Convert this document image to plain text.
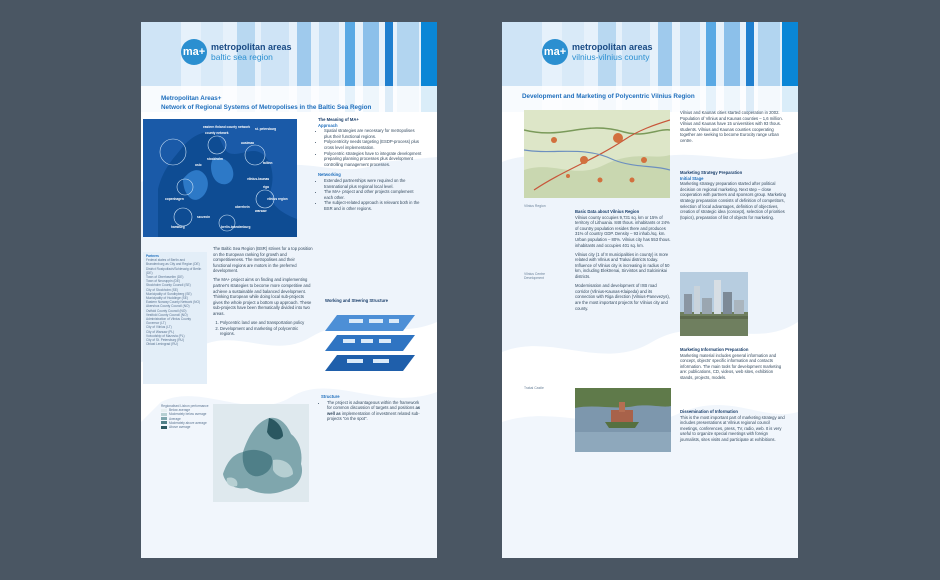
ma+ metropolitan areas
baltic sea region
Metropolitan Areas+
Network of Regional Systems of Metropolises in the Baltic Sea Region
eastern finland county network st. petersburg
county network
uusimaa
stockholm
oslo	tallinn
vilnius-kaunas
riga
warsaw
copenhagen
berlin-brandenburg
hamburg
vilnius region
oberrhein
szczecin
The Meaning of MA+
Approach
• Spatial strategies are necessary for metropolises plus their functional regions.
• Polycentricity needs targeting (ESDP-process) plus cross level implementation.
• Polycentric strategies have to integrate development preparing planning processes plus development controlling management processes.
Networking
• Extended partnerships were required on the transnational plus regional local level.
• The MA+ project and other projects complement each other.
• The subject-related approach is relevant both in the BSR and in other regions.
Partners
Federal states of Berlin and Brandenburg as City and Region (DE)
District Rostpolfach/Schleswig of Berlin (DE)
Town of Oberhavelim (DE)
Town of Neuruppin (DE)
Stockholm County Council (SE)
City of Stockholm (SE)
Municipality of Sundbyberg (SE)
Municipality of Huddinge (SE)
Eastern Norway County Network (NO)
Akershus County Council (NO)
Ostfold County Council (NO)
Vestfold County Council (NO)
Administration of Vilnius County Governor (LT)
City of Vilnius (LT)
City of Warsaw (PL)
Voivodship of Mazovia (PL)
City of St. Petersburg (RU)
Oblast Leningrad (RU)

The Baltic Sea Region (BSR) strives for a top position on the European ranking for growth and competitiveness. The metropolises and their functional regions are motors in the preferred development.

The MA+ project aims on finding and implementing partner's strategies to become more competitive and achieve a sustainable and balanced development. Thinking European while doing local sub-projects gives the whole project a bottom up approach. These sub-projects have been thematically divided into two areas.

1. Polycentric land use and transportation policy
2. Development and marketing of polycentric regions.
Working and Steering Structure
Structure
• The project is advantageous within the framework for common discussion of targets and positions as well as implementation of investment related sub-projects "on the spot".
Regionalised Lisbon performance
Below average
Moderately below average
Average
Moderately above average
Above average
ma+ metropolitan areas
vilnius-vilnius county
Development and Marketing of Polycentric Vilnius Region
Vilnius Region

Vilnius and Kaunas cities started cooperation in 2002. Population of Vilnius and Kaunas counties – 1,6 million. Vilnius and Kaunas have 15 universities with 93 thous. students. Vilnius and Kaunas counties cooperating together are seeking to become Eurocity range urban centre.

Marketing Strategy Preparation
Initial Stage

Marketing strategy preparation started after political decision on regional marketing. Next step – close cooperation with partners and sponsors group. Marketing strategy preparation consists of definition of competitors, selection of local advantages, definition of objectives, creation of strategic idea (concept), selection of priorities (topics), preparation of list of objects for marketing.

Basic Data about Vilnius Region

Vilnius county occupies 9,731 sq. km or 15% of territory of Lithuania. 848 thous. inhabitants or 24% of country population resides there and produces 31% of country GDP. Density – 93 inhab./sq. km. Urban population – 80%. Vilnius city has 553 thous. inhabitants and occupies 401 sq. km.

Vilnius city (1 of 8 municipalities in county) is more related with Vilnius and Trakai districts today. Influence of Vilnius city is increasing in radius of 50 km, including Elektrenai, Sirvintos and Salcininkai districts.

Modernisation and development of IXB road corridor (Vilnius-Kaunas-Klaipeda) and its connection with Riga direction (Vilnius-Panevezys), are the most important projects for Vilnius city and county.

Vilnius Centre Development
Trakai Castle
Marketing Information Preparation

Marketing material includes general information and concept, objects' specific information and contacts information. The main tools for development marketing are: publications, CD, videos, web sites, exhibition stands, projects, models.

Dissemination of Information

This is the most important part of marketing strategy and includes presentations at Vilnius regional council meetings, conferences, press, TV, radio, web. It is very useful to organize special meetings with foreign journalists, sites visits and participate at exhibitions.
